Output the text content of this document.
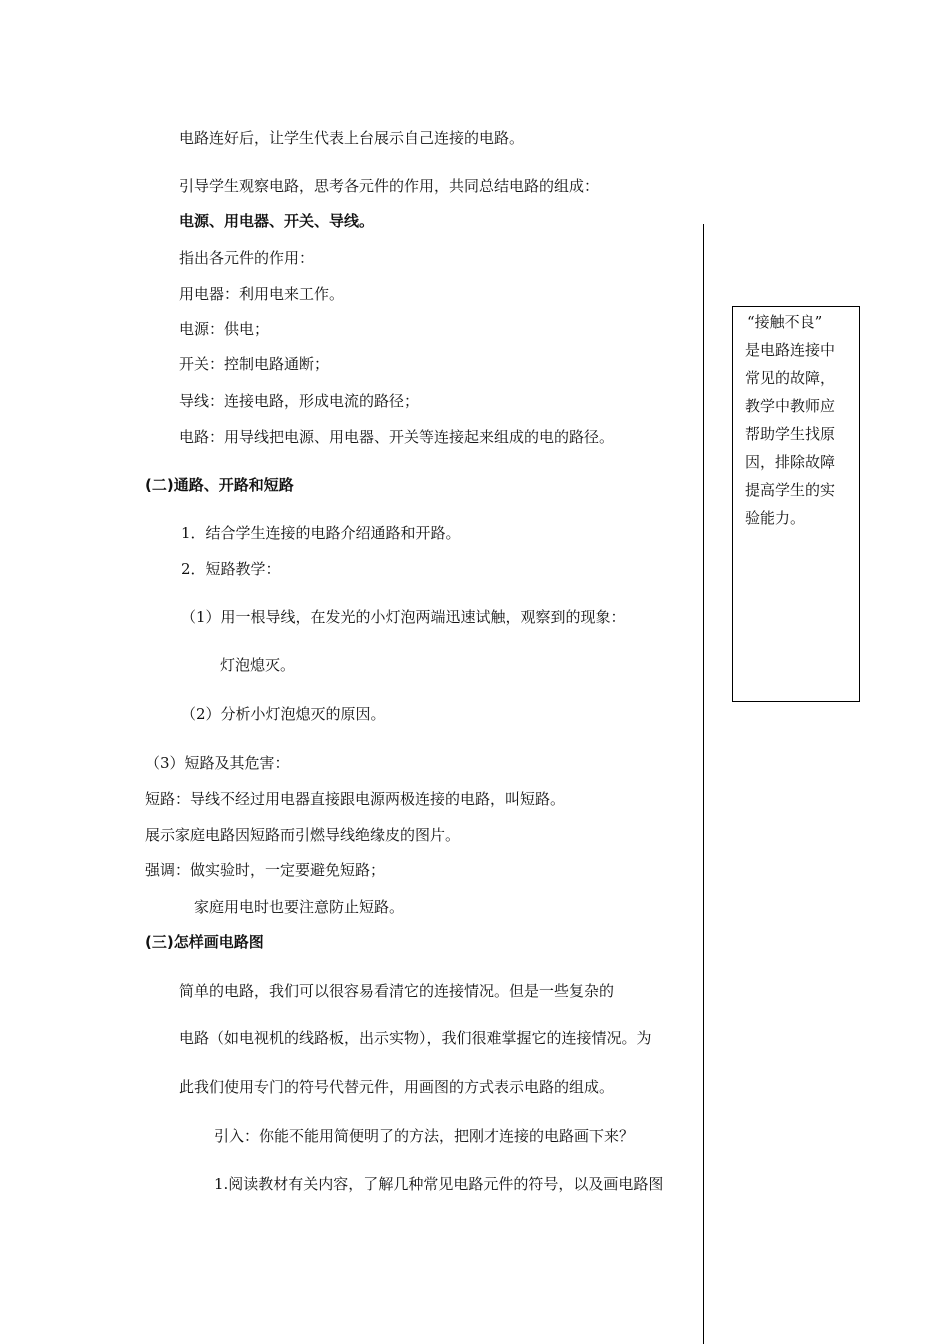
电路连好后，让学生代表上台展示自己连接的电路。
引导学生观察电路，思考各元件的作用，共同总结电路的组成：
电源、用电器、开关、导线。
指出各元件的作用：
用电器：利用电来工作。
电源：供电；
开关：控制电路通断；
导线：连接电路，形成电流的路径；
电路：用导线把电源、用电器、开关等连接起来组成的电的路径。
(二)通路、开路和短路
1．结合学生连接的电路介绍通路和开路。
2．短路教学：
（1）用一根导线，在发光的小灯泡两端迅速试触，观察到的现象：
灯泡熄灭。
（2）分析小灯泡熄灭的原因。
（3）短路及其危害：
短路：导线不经过用电器直接跟电源两极连接的电路，叫短路。
展示家庭电路因短路而引燃导线绝缘皮的图片。
强调：做实验时，一定要避免短路；
家庭用电时也要注意防止短路。
(三)怎样画电路图
简单的电路，我们可以很容易看清它的连接情况。但是一些复杂的
电路（如电视机的线路板，出示实物），我们很难掌握它的连接情况。为
此我们使用专门的符号代替元件，用画图的方式表示电路的组成。
引入：你能不能用简便明了的方法，把刚才连接的电路画下来？
1.阅读教材有关内容，了解几种常见电路元件的符号，以及画电路图
“接触不良”
是电路连接中
常见的故障，
教学中教师应
帮助学生找原
因，排除故障
提高学生的实
验能力。
